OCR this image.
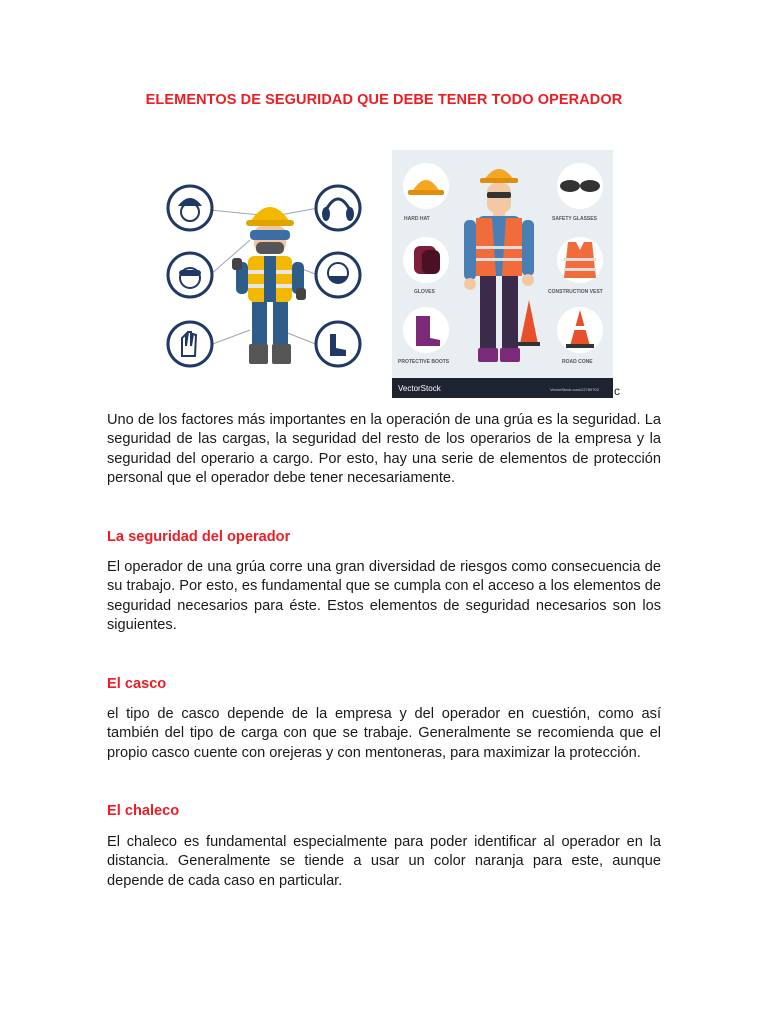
ELEMENTOS DE SEGURIDAD QUE DEBE TENER TODO OPERADOR
HARD HAT	SAFETY GLASSES
GLOVES	CONSTRUCTION VEST
PROTECTIVE BOOTS	ROAD CONE
VectorStock	VectorStock.com/22789702 c

Uno de los factores más importantes en la operación de una grúa es la seguridad. La seguridad de las cargas, la seguridad del resto de los operarios de la empresa y la seguridad del operario a cargo. Por esto, hay una serie de elementos de protección personal que el operador debe tener necesariamente.

La seguridad del operador

El operador de una grúa corre una gran diversidad de riesgos como consecuencia de su trabajo. Por esto, es fundamental que se cumpla con el acceso a los elementos de seguridad necesarios para éste. Estos elementos de seguridad necesarios son los siguientes.

El casco

el tipo de casco depende de la empresa y del operador en cuestión, como así también del tipo de carga con que se trabaje. Generalmente se recomienda que el propio casco cuente con orejeras y con mentoneras, para maximizar la protección.

El chaleco

El chaleco es fundamental especialmente para poder identificar al operador en la distancia. Generalmente se tiende a usar un color naranja para este, aunque depende de cada caso en particular.
